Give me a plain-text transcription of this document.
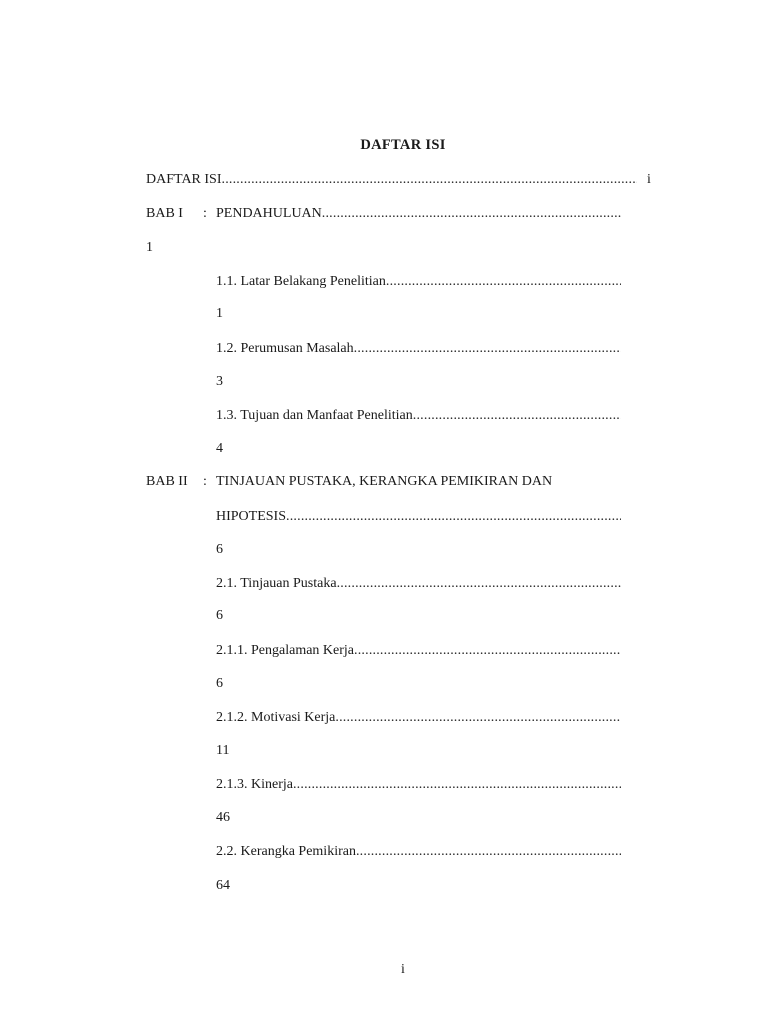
DAFTAR ISI
DAFTAR ISI
.....	i
BAB I : PENDAHULUAN
.....
1
1.1. Latar Belakang Penelitian
.....
1
1.2. Perumusan Masalah
.....
3
1.3. Tujuan dan Manfaat Penelitian
.....
4
BAB II : TINJAUAN PUSTAKA, KERANGKA PEMIKIRAN DAN
HIPOTESIS
.....
6
2.1. Tinjauan Pustaka
.....
6
2.1.1. Pengalaman Kerja
.....
6
2.1.2. Motivasi Kerja
.....
11
2.1.3. Kinerja
.....
46
2.2. Kerangka Pemikiran
.....
64
i
